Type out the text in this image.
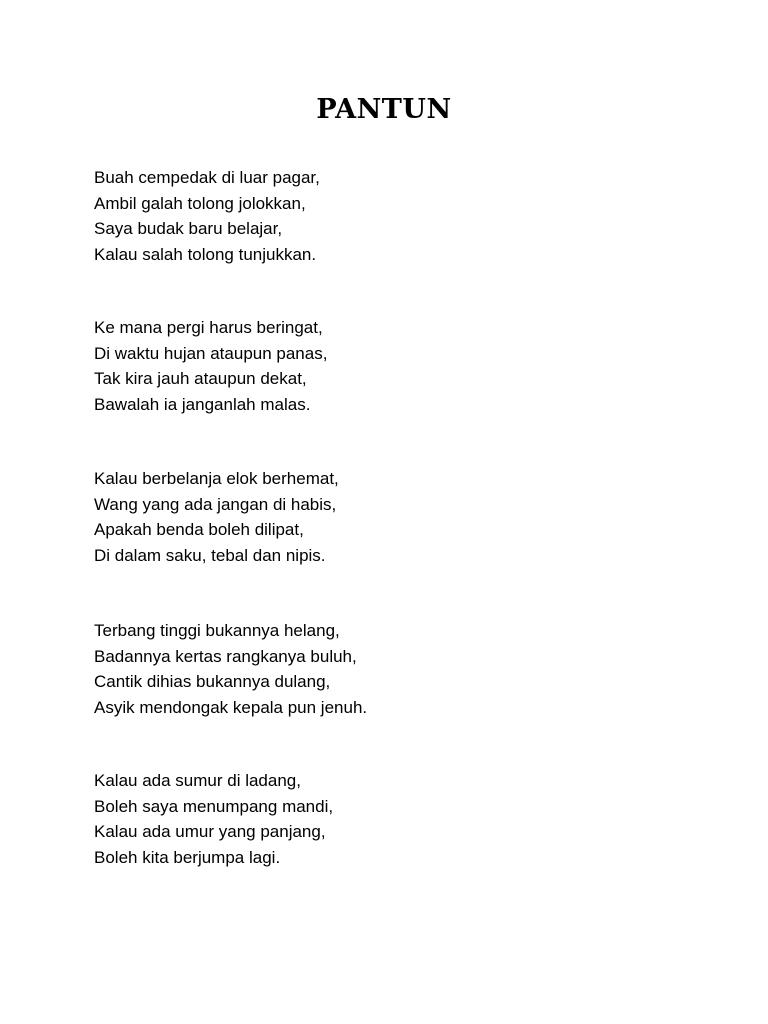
PANTUN
Buah cempedak di luar pagar,
Ambil galah tolong jolokkan,
Saya budak baru belajar,
Kalau salah tolong tunjukkan.
Ke mana pergi harus beringat,
Di waktu hujan ataupun panas,
Tak kira jauh ataupun dekat,
Bawalah ia janganlah malas.
Kalau berbelanja elok berhemat,
Wang yang ada jangan di habis,
Apakah benda boleh dilipat,
Di dalam saku, tebal dan nipis.
Terbang tinggi bukannya helang,
Badannya kertas rangkanya buluh,
Cantik dihias bukannya dulang,
Asyik mendongak kepala pun jenuh.
Kalau ada sumur di ladang,
Boleh saya menumpang mandi,
Kalau ada umur yang panjang,
Boleh kita berjumpa lagi.
